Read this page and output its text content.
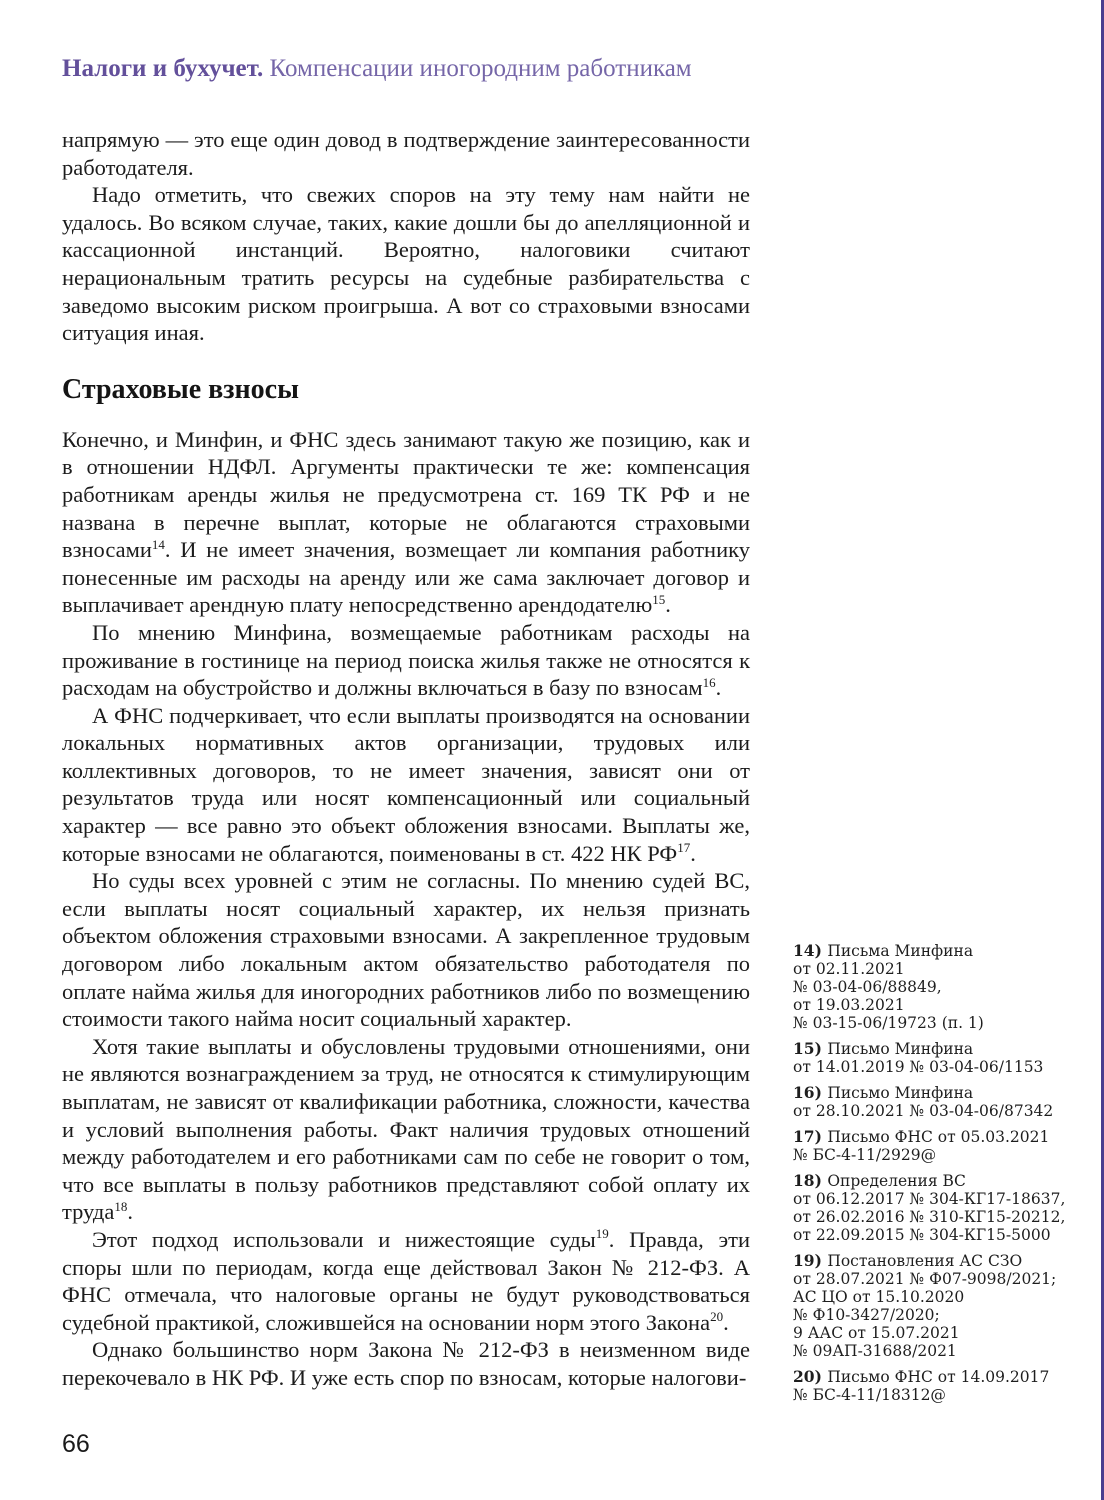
Налоги и бухучет. Компенсации иногородним работникам

напрямую — это еще один довод в подтверждение заинтересованности работодателя.

Надо отметить, что свежих споров на эту тему нам найти не удалось. Во всяком случае, таких, какие дошли бы до апелляционной и кассационной инстанций. Вероятно, налоговики считают нерациональным тратить ресурсы на судебные разбирательства с заведомо высоким риском проигрыша. А вот со страховыми взносами ситуация иная.

Страховые взносы

Конечно, и Минфин, и ФНС здесь занимают такую же позицию, как и в отношении НДФЛ. Аргументы практически те же: компенсация работникам аренды жилья не предусмотрена ст. 169 ТК РФ и не названа в перечне выплат, которые не облагаются страховыми взносами$^{14}$. И не имеет значения, возмещает ли компания работнику понесенные им расходы на аренду или же сама заключает договор и выплачивает арендную плату непосредственно арендодателю$^{15}$.

По мнению Минфина, возмещаемые работникам расходы на проживание в гостинице на период поиска жилья также не относятся к расходам на обустройство и должны включаться в базу по взносам$^{16}$.

А ФНС подчеркивает, что если выплаты производятся на основании локальных нормативных актов организации, трудовых или коллективных договоров, то не имеет значения, зависят они от результатов труда или носят компенсационный или социальный характер — все равно это объект обложения взносами. Выплаты же, которые взносами не облагаются, поименованы в ст. 422 НК РФ$^{17}$.

Но суды всех уровней с этим не согласны. По мнению судей ВС, если выплаты носят социальный характер, их нельзя признать объектом обложения страховыми взносами. А закрепленное трудовым договором либо локальным актом обязательство работодателя по оплате найма жилья для иногородних работников либо по возмещению стоимости такого найма носит социальный характер.

Хотя такие выплаты и обусловлены трудовыми отношениями, они не являются вознаграждением за труд, не относятся к стимулирующим выплатам, не зависят от квалификации работника, сложности, качества и условий выполнения работы. Факт наличия трудовых отношений между работодателем и его работниками сам по себе не говорит о том, что все выплаты в пользу работников представляют собой оплату их труда$^{18}$.

Этот подход использовали и нижестоящие суды$^{19}$. Правда, эти споры шли по периодам, когда еще действовал Закон № 212-ФЗ. А ФНС отмечала, что налоговые органы не будут руководствоваться судебной практикой, сложившейся на основании норм этого Закона$^{20}$.

Однако большинство норм Закона № 212-ФЗ в неизменном виде перекочевало в НК РФ. И уже есть спор по взносам, которые налогови-

14) Письма Минфина
от 02.11.2021
№ 03-04-06/88849,
от 19.03.2021
№ 03-15-06/19723 (п. 1)
15) Письмо Минфина
от 14.01.2019 № 03-04-06/1153
16) Письмо Минфина
от 28.10.2021 № 03-04-06/87342
17) Письмо ФНС от 05.03.2021
№ БС-4-11/2929@
18) Определения ВС
от 06.12.2017 № 304-КГ17-18637,
от 26.02.2016 № 310-КГ15-20212,
от 22.09.2015 № 304-КГ15-5000
19) Постановления АС СЗО
от 28.07.2021 № Ф07-9098/2021;
АС ЦО от 15.10.2020
№ Ф10-3427/2020;
9 ААС от 15.07.2021
№ 09АП-31688/2021
20) Письмо ФНС от 14.09.2017
№ БС-4-11/18312@
66
